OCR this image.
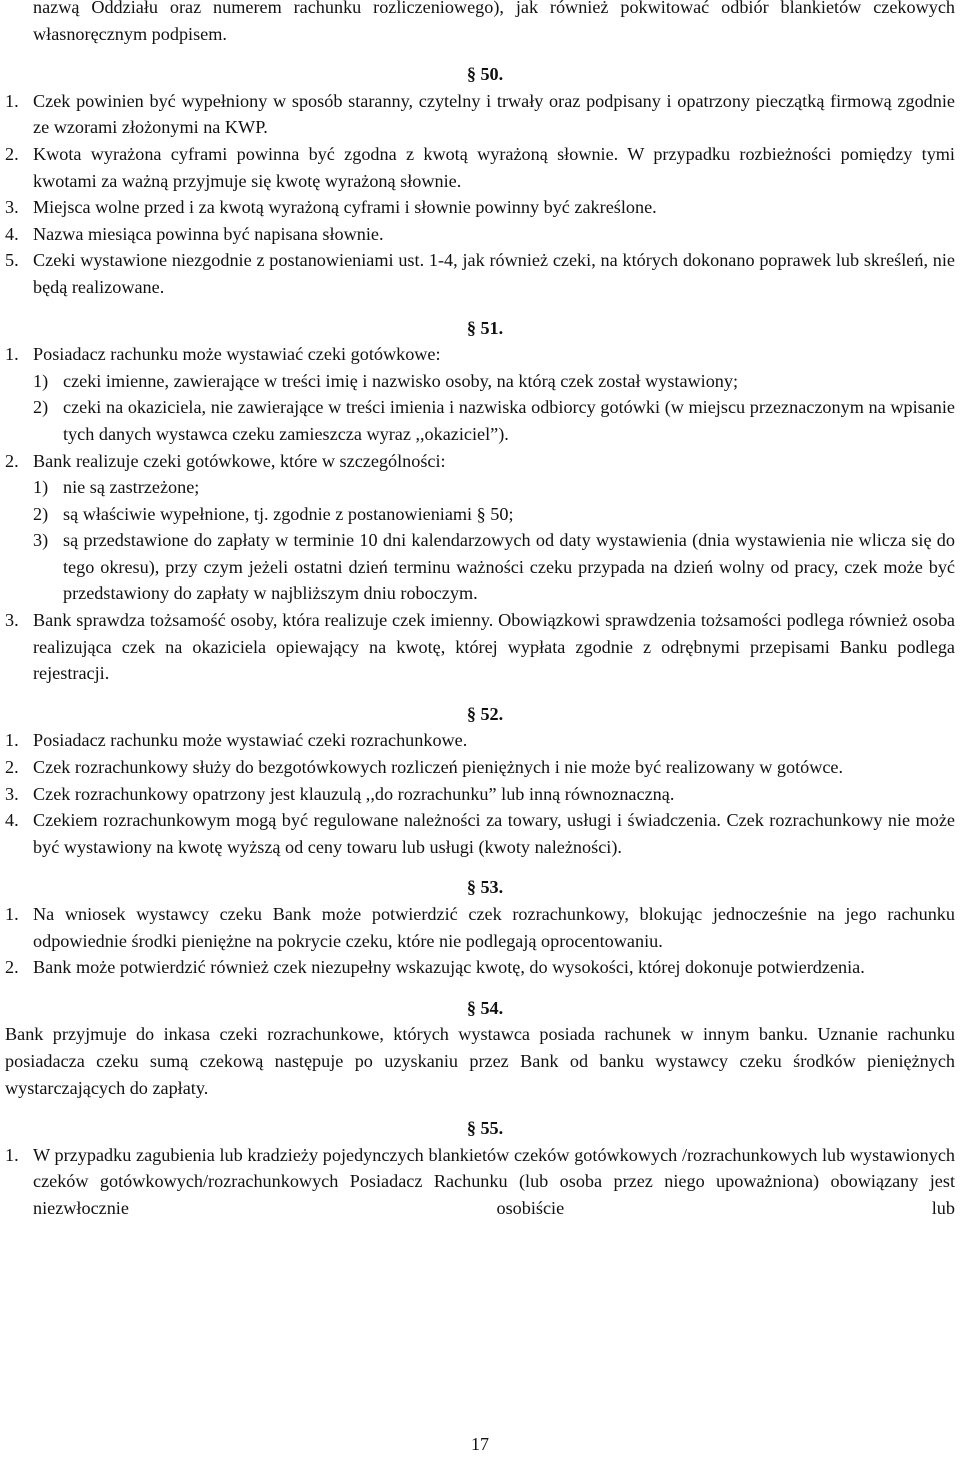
nazwą Oddziału oraz numerem rachunku rozliczeniowego), jak również pokwitować odbiór blankietów czekowych własnoręcznym podpisem.

§ 50.

1. Czek powinien być wypełniony w sposób staranny, czytelny i trwały oraz podpisany i opatrzony pieczątką firmową zgodnie ze wzorami złożonymi na KWP.
2. Kwota wyrażona cyframi powinna być zgodna z kwotą wyrażoną słownie. W przypadku rozbieżności pomiędzy tymi kwotami za ważną przyjmuje się kwotę wyrażoną słownie.
3. Miejsca wolne przed i za kwotą wyrażoną cyframi i słownie powinny być zakreślone.
4. Nazwa miesiąca powinna być napisana słownie.
5. Czeki wystawione niezgodnie z postanowieniami ust. 1-4, jak również czeki, na których dokonano poprawek lub skreśleń, nie będą realizowane.

§ 51.

1. Posiadacz rachunku może wystawiać czeki gotówkowe:
1) czeki imienne, zawierające w treści imię i nazwisko osoby, na którą czek został wystawiony;
2) czeki na okaziciela, nie zawierające w treści imienia i nazwiska odbiorcy gotówki (w miejscu przeznaczonym na wpisanie tych danych wystawca czeku zamieszcza wyraz ,,okaziciel”).
2. Bank realizuje czeki gotówkowe, które w szczególności:
1) nie są zastrzeżone;
2) są właściwie wypełnione, tj. zgodnie z postanowieniami § 50;
3) są przedstawione do zapłaty w terminie 10 dni kalendarzowych od daty wystawienia (dnia wystawienia nie wlicza się do tego okresu), przy czym jeżeli ostatni dzień terminu ważności czeku przypada na dzień wolny od pracy, czek może być przedstawiony do zapłaty w najbliższym dniu roboczym.
3. Bank sprawdza tożsamość osoby, która realizuje czek imienny. Obowiązkowi sprawdzenia tożsamości podlega również osoba realizująca czek na okaziciela opiewający na kwotę, której wypłata zgodnie z odrębnymi przepisami Banku podlega rejestracji.

§ 52.

1. Posiadacz rachunku może wystawiać czeki rozrachunkowe.
2. Czek rozrachunkowy służy do bezgotówkowych rozliczeń pieniężnych i nie może być realizowany w gotówce.
3. Czek rozrachunkowy opatrzony jest klauzulą ,,do rozrachunku” lub inną równoznaczną.
4. Czekiem rozrachunkowym mogą być regulowane należności za towary, usługi i świadczenia. Czek rozrachunkowy nie może być wystawiony na kwotę wyższą od ceny towaru lub usługi (kwoty należności).

§ 53.

1. Na wniosek wystawcy czeku Bank może potwierdzić czek rozrachunkowy, blokując jednocześnie na jego rachunku odpowiednie środki pieniężne na pokrycie czeku, które nie podlegają oprocentowaniu.
2. Bank może potwierdzić również czek niezupełny wskazując kwotę, do wysokości, której dokonuje potwierdzenia.

§ 54.

Bank przyjmuje do inkasa czeki rozrachunkowe, których wystawca posiada rachunek w innym banku. Uznanie rachunku posiadacza czeku sumą czekową następuje po uzyskaniu przez Bank od banku wystawcy czeku środków pieniężnych wystarczających do zapłaty.

§ 55.

1. W przypadku zagubienia lub kradzieży pojedynczych blankietów czeków gotówkowych /rozrachunkowych lub wystawionych czeków gotówkowych/rozrachunkowych Posiadacz Rachunku (lub osoba przez niego upoważniona) obowiązany jest niezwłocznie osobiście lub
17
